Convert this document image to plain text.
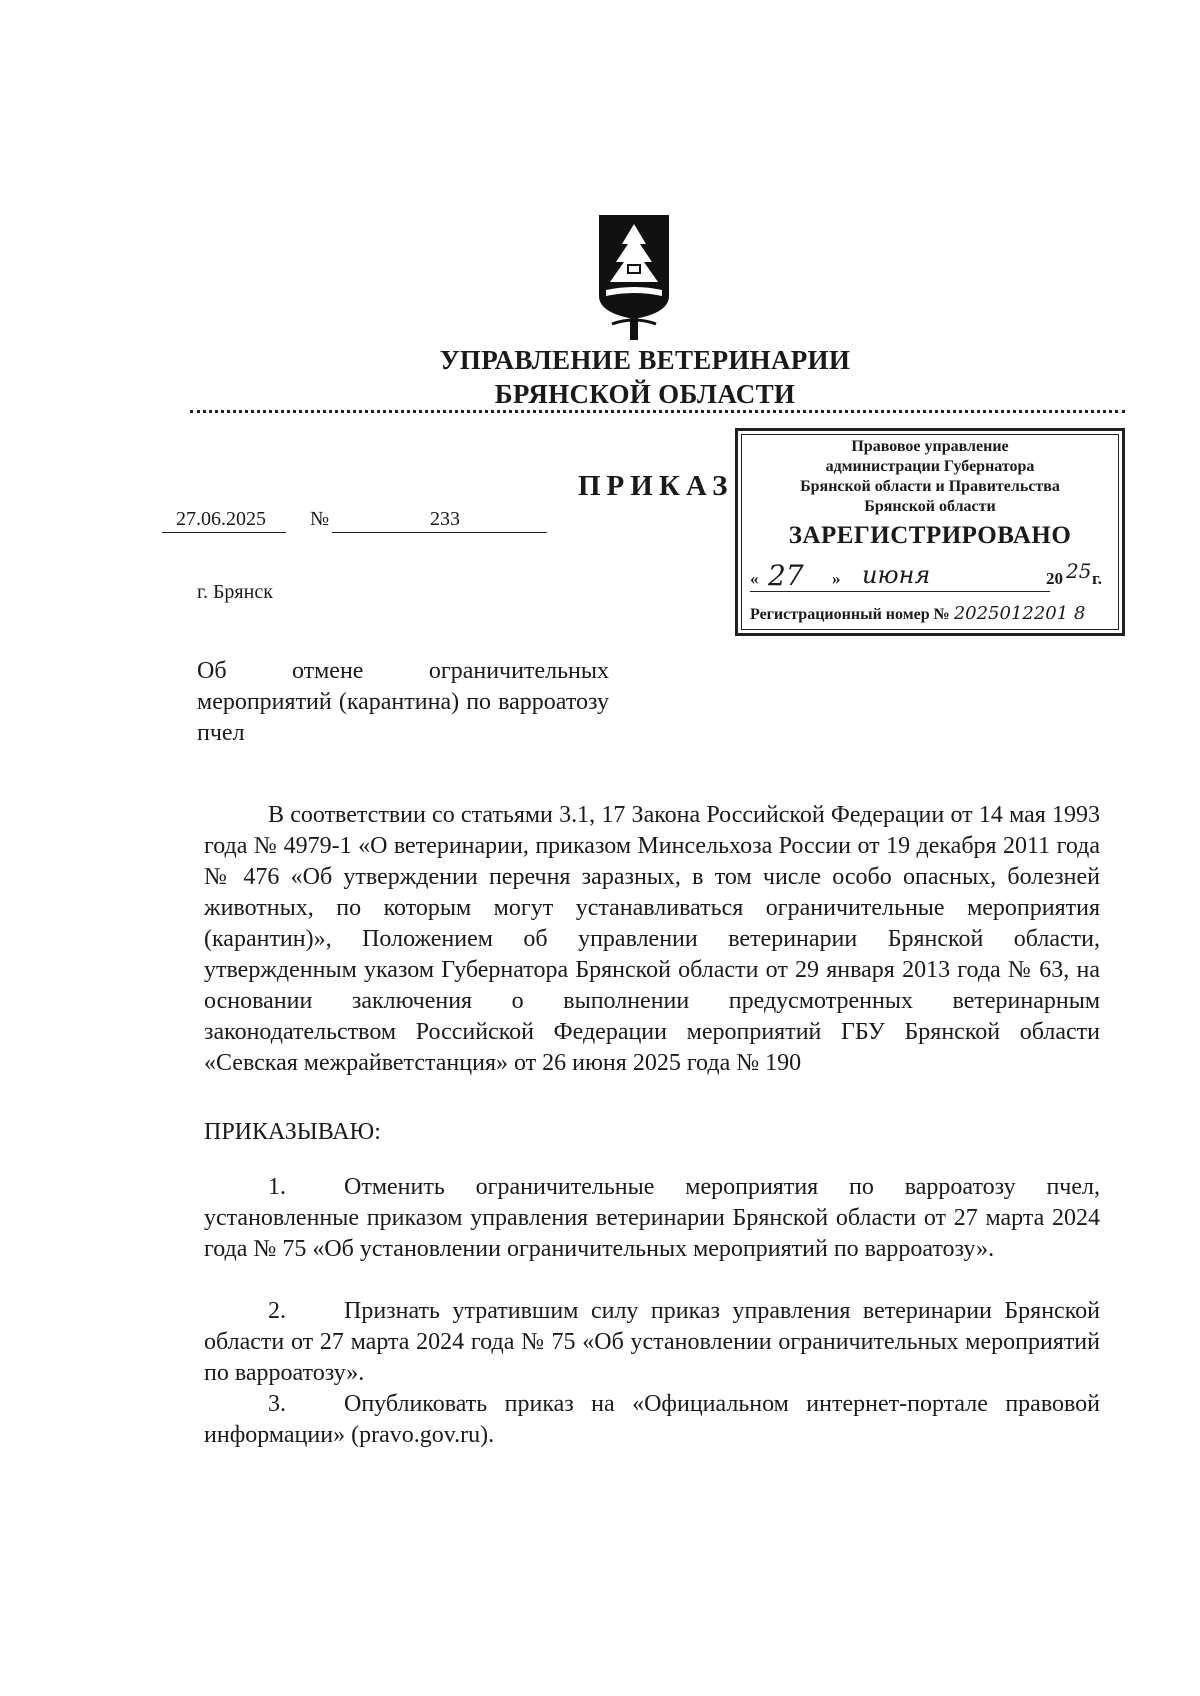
УПРАВЛЕНИЕ ВЕТЕРИНАРИИ
БРЯНСКОЙ ОБЛАСТИ
ПРИКАЗ
27.06.2025 №	233
г. Брянск
Правовое управление
администрации Губернатора
Брянской области и Правительства
Брянской области
ЗАРЕГИСТРИРОВАНО
« 27 » июня	20 25 г.
Регистрационный номер № 2025012201 8
Об отмене ограничительных мероприятий (карантина) по варроатозу пчел
В соответствии со статьями 3.1, 17 Закона Российской Федерации от 14 мая 1993 года № 4979-1 «О ветеринарии, приказом Минсельхоза России от 19 декабря 2011 года № 476 «Об утверждении перечня заразных, в том числе особо опасных, болезней животных, по которым могут устанавливаться ограничительные мероприятия (карантин)», Положением об управлении ветеринарии Брянской области, утвержденным указом Губернатора Брянской области от 29 января 2013 года № 63, на основании заключения о выполнении предусмотренных ветеринарным законодательством Российской Федерации мероприятий ГБУ Брянской области «Севская межрайветстанция» от 26 июня 2025 года № 190
ПРИКАЗЫВАЮ:
1. Отменить ограничительные мероприятия по варроатозу пчел, установленные приказом управления ветеринарии Брянской области от 27 марта 2024 года № 75 «Об установлении ограничительных мероприятий по варроатозу».
2. Признать утратившим силу приказ управления ветеринарии Брянской области от 27 марта 2024 года № 75 «Об установлении ограничительных мероприятий по варроатозу».
3. Опубликовать приказ на «Официальном интернет-портале правовой информации» (pravo.gov.ru).
